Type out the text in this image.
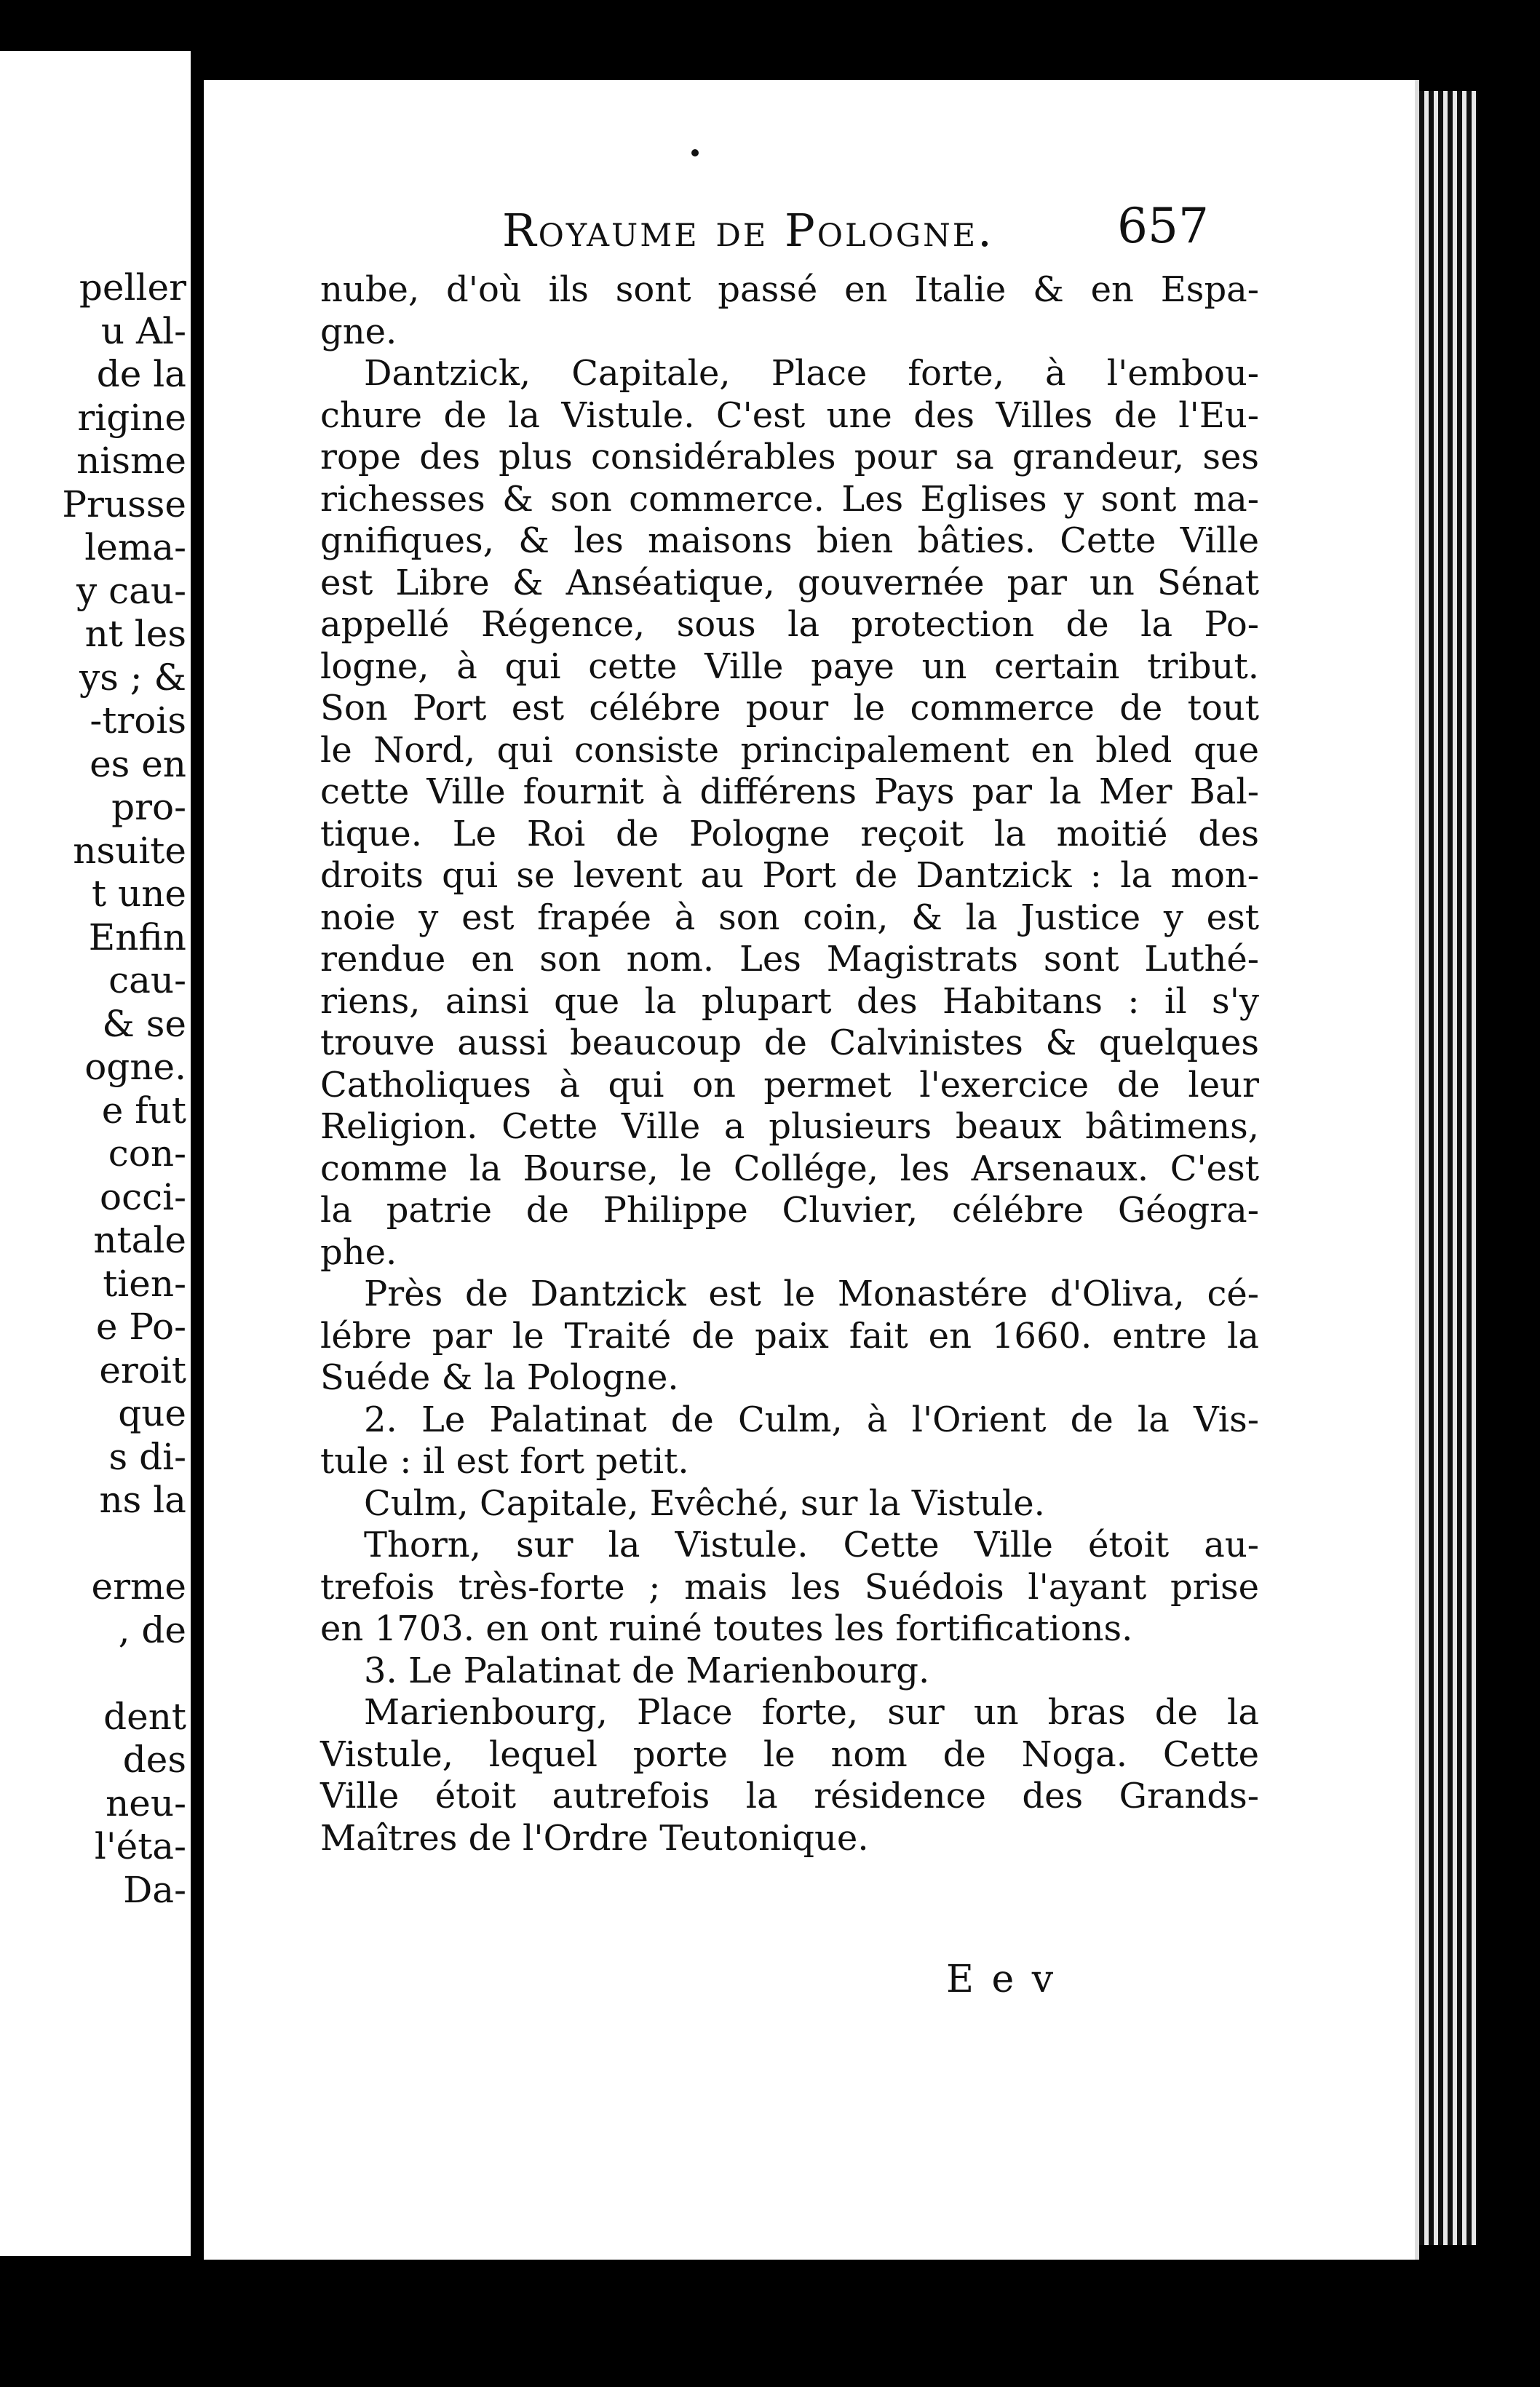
peller
u Al-
de la
rigine
nisme
Prusse
lema-
y cau-
nt les
ys ; &
-trois
es en
pro-
nsuite
t une
Enfin
cau-
& se
ogne.
e fut
con-
occi-
ntale
tien-
e Po-
eroit
que
s di-
ns la
erme
, de
dent
des
neu-
l'éta-
Da-
Royaume de Pologne.	657
nube, d'où ils sont passé en Italie & en Espa-
gne.
Dantzick, Capitale, Place forte, à l'embou-
chure de la Vistule. C'est une des Villes de l'Eu-
rope des plus considérables pour sa grandeur, ses
richesses & son commerce. Les Eglises y sont ma-
gnifiques, & les maisons bien bâties. Cette Ville
est Libre & Anséatique, gouvernée par un Sénat
appellé Régence, sous la protection de la Po-
logne, à qui cette Ville paye un certain tribut.
Son Port est célébre pour le commerce de tout
le Nord, qui consiste principalement en bled que
cette Ville fournit à différens Pays par la Mer Bal-
tique. Le Roi de Pologne reçoit la moitié des
droits qui se levent au Port de Dantzick : la mon-
noie y est frapée à son coin, & la Justice y est
rendue en son nom. Les Magistrats sont Luthé-
riens, ainsi que la plupart des Habitans : il s'y
trouve aussi beaucoup de Calvinistes & quelques
Catholiques à qui on permet l'exercice de leur
Religion. Cette Ville a plusieurs beaux bâtimens,
comme la Bourse, le Collége, les Arsenaux. C'est
la patrie de Philippe Cluvier, célébre Géogra-
phe.
Près de Dantzick est le Monastére d'Oliva, cé-
lébre par le Traité de paix fait en 1660. entre la
Suéde & la Pologne.
2. Le Palatinat de Culm, à l'Orient de la Vis-
tule : il est fort petit.
Culm, Capitale, Evêché, sur la Vistule.
Thorn, sur la Vistule. Cette Ville étoit au-
trefois très-forte ; mais les Suédois l'ayant prise
en 1703. en ont ruiné toutes les fortifications.
3. Le Palatinat de Marienbourg.
Marienbourg, Place forte, sur un bras de la
Vistule, lequel porte le nom de Noga. Cette
Ville étoit autrefois la résidence des Grands-
Maîtres de l'Ordre Teutonique.
E e v
